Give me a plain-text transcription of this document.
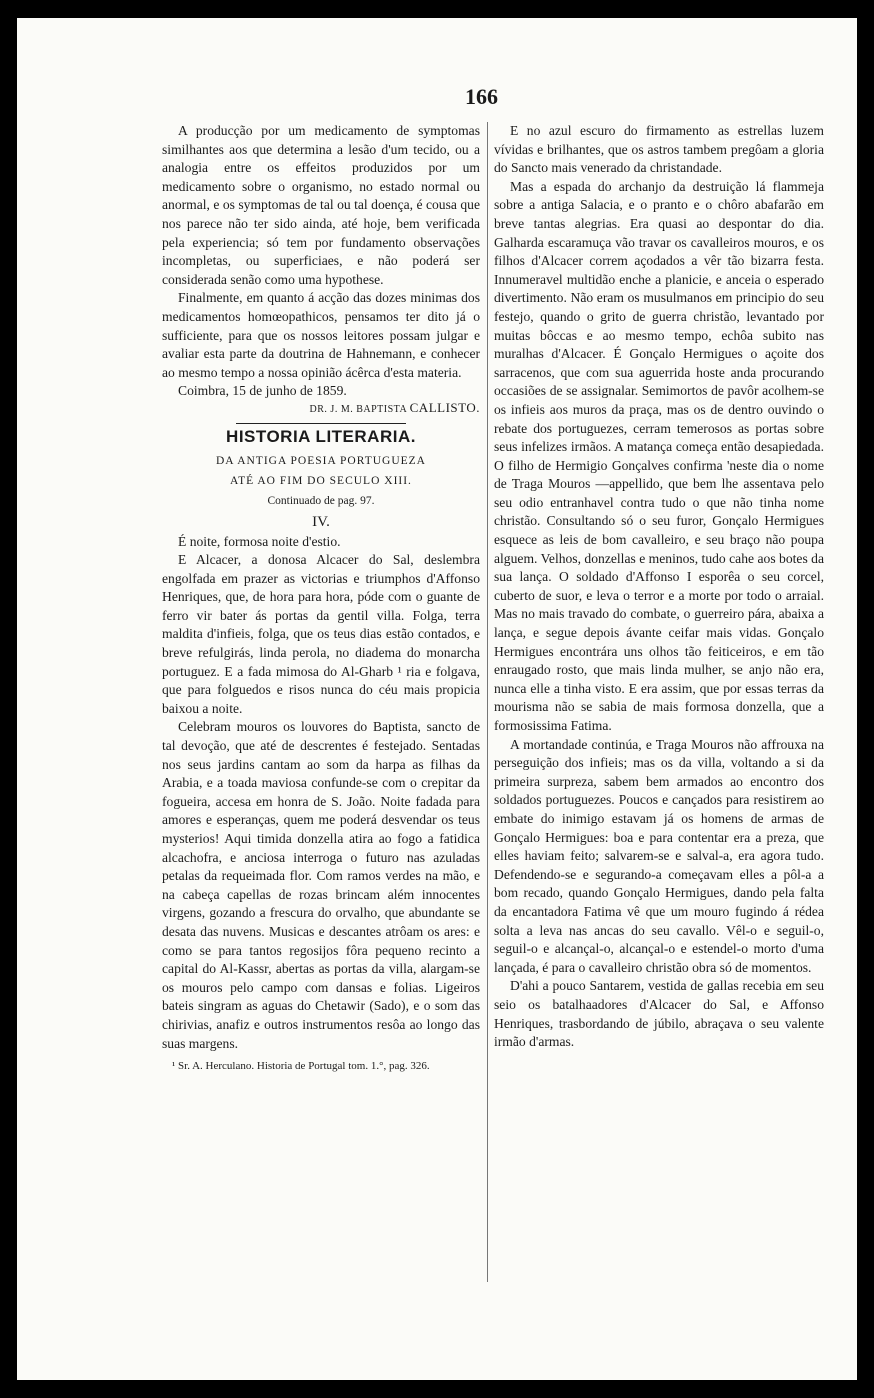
166

A producção por um medicamento de symptomas similhantes aos que determina a lesão d'um tecido, ou a analogia entre os effeitos produzidos por um medicamento sobre o organismo, no estado normal ou anormal, e os symptomas de tal ou tal doença, é cousa que nos parece não ter sido ainda, até hoje, bem verificada pela experiencia; só tem por fundamento observações incompletas, ou superficiaes, e não poderá ser considerada senão como uma hypothese.

Finalmente, em quanto á acção das dozes minimas dos medicamentos homœopathicos, pensamos ter dito já o sufficiente, para que os nossos leitores possam julgar e avaliar esta parte da doutrina de Hahnemann, e conhecer ao mesmo tempo a nossa opinião ácêrca d'esta materia.

Coimbra, 15 de junho de 1859.

DR. J. M. BAPTISTA CALLISTO.
HISTORIA LITERARIA.
DA ANTIGA POESIA PORTUGUEZA
ATÉ AO FIM DO SECULO XIII.
Continuado de pag. 97.
IV.

É noite, formosa noite d'estio.

E Alcacer, a donosa Alcacer do Sal, deslembra engolfada em prazer as victorias e triumphos d'Affonso Henriques, que, de hora para hora, póde com o guante de ferro vir bater ás portas da gentil villa. Folga, terra maldita d'infieis, folga, que os teus dias estão contados, e breve refulgirás, linda perola, no diadema do monarcha portuguez. E a fada mimosa do Al-Gharb ¹ ria e folgava, que para folguedos e risos nunca do céu mais propicia baixou a noite.

Celebram mouros os louvores do Baptista, sancto de tal devoção, que até de descrentes é festejado. Sentadas nos seus jardins cantam ao som da harpa as filhas da Arabia, e a toada maviosa confunde-se com o crepitar da fogueira, accesa em honra de S. João. Noite fadada para amores e esperanças, quem me poderá desvendar os teus mysterios! Aqui timida donzella atira ao fogo a fatidica alcachofra, e anciosa interroga o futuro nas azuladas petalas da requeimada flor. Com ramos verdes na mão, e na cabeça capellas de rozas brincam além innocentes virgens, gozando a frescura do orvalho, que abundante se desata das nuvens. Musicas e descantes atrôam os ares: e como se para tantos regosijos fôra pequeno recinto a capital do Al-Kassr, abertas as portas da villa, alargam-se os mouros pelo campo com dansas e folias. Ligeiros bateis singram as aguas do Chetawir (Sado), e o som das chirivias, anafiz e outros instrumentos resôa ao longo das suas margens.

¹ Sr. A. Herculano. Historia de Portugal tom. 1.°, pag. 326.

E no azul escuro do firmamento as estrellas luzem vívidas e brilhantes, que os astros tambem pregôam a gloria do Sancto mais venerado da christandade.

Mas a espada do archanjo da destruição lá flammeja sobre a antiga Salacia, e o pranto e o chôro abafarão em breve tantas alegrias. Era quasi ao despontar do dia. Galharda escaramuça vão travar os cavalleiros mouros, e os filhos d'Alcacer correm açodados a vêr tão bizarra festa. Innumeravel multidão enche a planicie, e anceia o esperado divertimento. Não eram os musulmanos em principio do seu festejo, quando o grito de guerra christão, levantado por muitas bôccas e ao mesmo tempo, echôa subito nas muralhas d'Alcacer. É Gonçalo Hermigues o açoite dos sarracenos, que com sua aguerrida hoste anda procurando occasiões de se assignalar. Semimortos de pavôr acolhem-se os infieis aos muros da praça, mas os de dentro ouvindo o rebate dos portuguezes, cerram temerosos as portas sobre seus infelizes irmãos. A matança começa então desapiedada. O filho de Hermigio Gonçalves confirma 'neste dia o nome de Traga Mouros —appellido, que bem lhe assentava pelo seu odio entranhavel contra tudo o que não tinha nome christão. Consultando só o seu furor, Gonçalo Hermigues esquece as leis de bom cavalleiro, e seu braço não poupa alguem. Velhos, donzellas e meninos, tudo cahe aos botes da sua lança. O soldado d'Affonso I esporêa o seu corcel, cuberto de suor, e leva o terror e a morte por todo o arraial. Mas no mais travado do combate, o guerreiro pára, abaixa a lança, e segue depois ávante ceifar mais vidas. Gonçalo Hermigues encontrára uns olhos tão feiticeiros, e em tão enraugado rosto, que mais linda mulher, se anjo não era, nunca elle a tinha visto. E era assim, que por essas terras da mourisma não se sabia de mais formosa donzella, que a formosissima Fatima.

A mortandade continúa, e Traga Mouros não affrouxa na perseguição dos infieis; mas os da villa, voltando a si da primeira surpreza, sabem bem armados ao encontro dos soldados portuguezes. Poucos e cançados para resistirem ao embate do inimigo estavam já os homens de armas de Gonçalo Hermigues: boa e para contentar era a preza, que elles haviam feito; salvarem-se e salval-a, era agora tudo. Defendendo-se e segurando-a começavam elles a pôl-a a bom recado, quando Gonçalo Hermigues, dando pela falta da encantadora Fatima vê que um mouro fugindo á rédea solta a leva nas ancas do seu cavallo. Vêl-o e seguil-o, seguil-o e alcançal-o, alcançal-o e estendel-o morto d'uma lançada, é para o cavalleiro christão obra só de momentos.

D'ahi a pouco Santarem, vestida de gallas recebia em seu seio os batalhaadores d'Alcacer do Sal, e Affonso Henriques, trasbordando de júbilo, abraçava o seu valente irmão d'armas.
